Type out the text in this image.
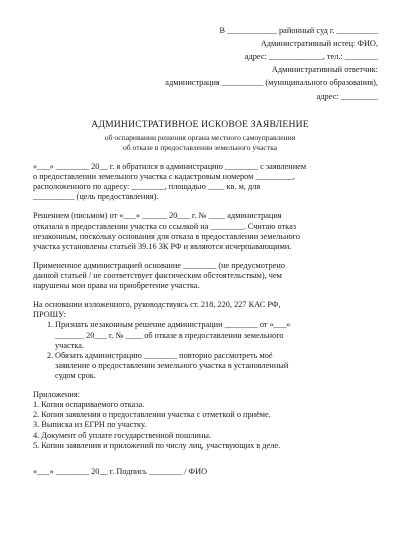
В ____________ районный суд г. __________
Административный истец: ФИО,
адрес: _____________, тел.: ________
Административный ответчик:
администрация __________ (муниципального образования),
адрес: _________
АДМИНИСТРАТИВНОЕ ИСКОВОЕ ЗАЯВЛЕНИЕ
об оспаривании решения органа местного самоуправления
об отказе в предоставлении земельного участка

«___» ________ 20__ г. я обратился в администрацию ________ с заявлением

о предоставлении земельного участка с кадастровым номером _________,

расположенного по адресу: ________, площадью ____ кв. м, для

__________ (цель предоставления).

Решением (письмом) от «___» ______ 20___ г. № ____ администрация

отказала в предоставлении участка со ссылкой на ________. Считаю отказ

незаконным, поскольку основания для отказа в предоставлении земельного

участка установлены статьей 39.16 ЗК РФ и являются исчерпывающими.

Примененное администрацией основание ________ (не предусмотрено

данной статьей / не соответствует фактическим обстоятельствам), чем

нарушены мои права на приобретение участка.

На основании изложенного, руководствуясь ст. 218, 220, 227 КАС РФ,

ПРОШУ:

1. Признать незаконным решение администрации ________ от «___»

_______ 20___ г. № ____ об отказе в предоставлении земельного

участка.

2. Обязать администрацию ________ повторно рассмотреть моё

заявление о предоставлении земельного участка в установленный

судом срок.

Приложения:

1. Копия оспариваемого отказа.

2. Копия заявления о предоставлении участка с отметкой о приёме.

3. Выписка из ЕГРН по участку.

4. Документ об уплате государственной пошлины.

5. Копии заявления и приложений по числу лиц, участвующих в деле.

«___» ________ 20__ г. Подпись ________ / ФИО
